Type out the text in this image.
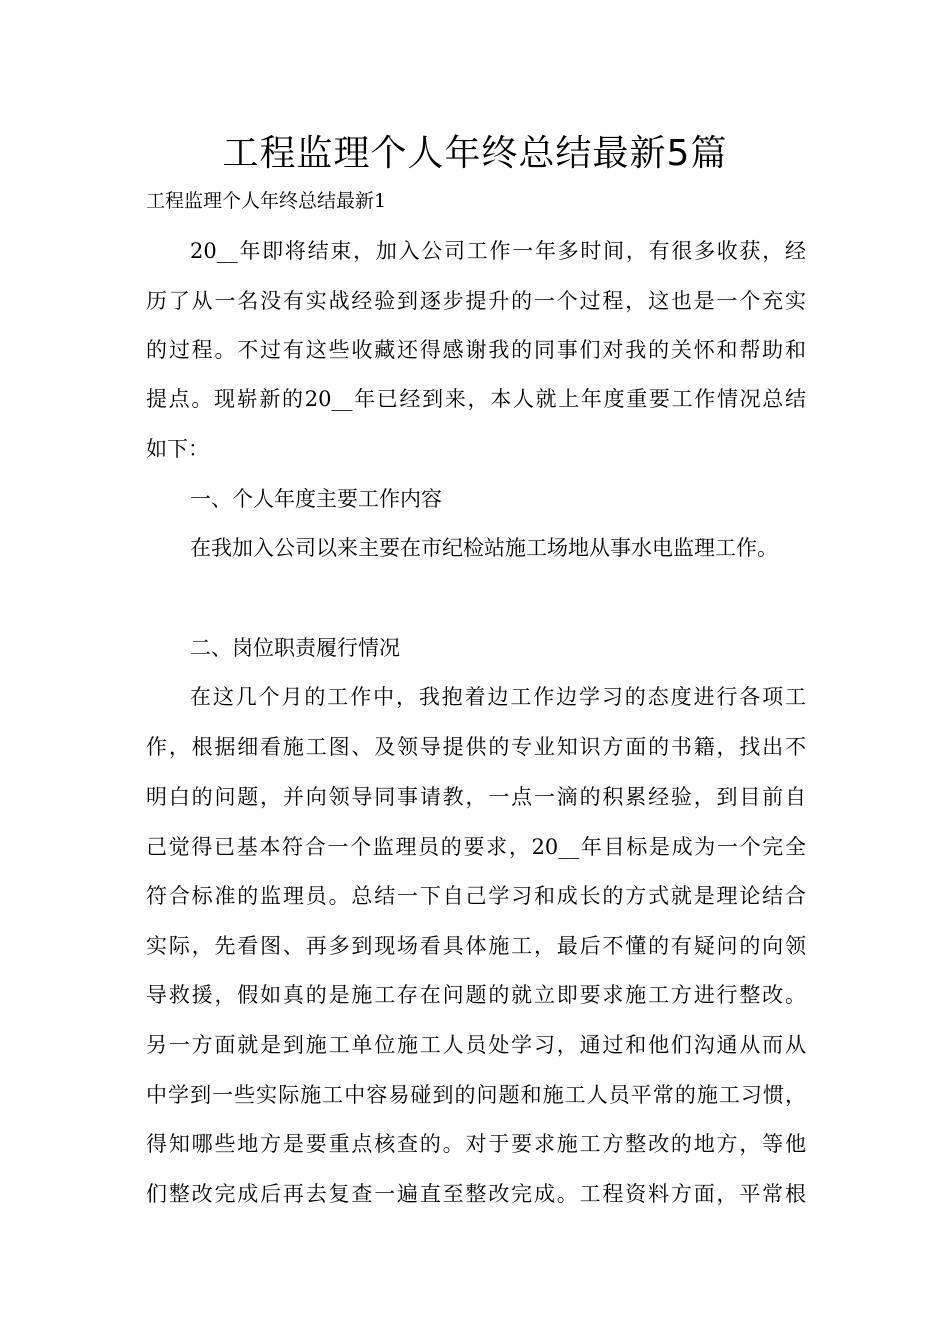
工程监理个人年终总结最新5篇
工程监理个人年终总结最新1
20__年即将结束，加入公司工作一年多时间，有很多收获，经
历了从一名没有实战经验到逐步提升的一个过程，这也是一个充实
的过程。不过有这些收藏还得感谢我的同事们对我的关怀和帮助和
提点。现崭新的20__年已经到来，本人就上年度重要工作情况总结
如下：
一、个人年度主要工作内容
在我加入公司以来主要在市纪检站施工场地从事水电监理工作。
二、岗位职责履行情况
在这几个月的工作中，我抱着边工作边学习的态度进行各项工
作，根据细看施工图、及领导提供的专业知识方面的书籍，找出不
明白的问题，并向领导同事请教，一点一滴的积累经验，到目前自
己觉得已基本符合一个监理员的要求，20__年目标是成为一个完全
符合标准的监理员。总结一下自己学习和成长的方式就是理论结合
实际，先看图、再多到现场看具体施工，最后不懂的有疑问的向领
导救援，假如真的是施工存在问题的就立即要求施工方进行整改。
另一方面就是到施工单位施工人员处学习，通过和他们沟通从而从
中学到一些实际施工中容易碰到的问题和施工人员平常的施工习惯，
得知哪些地方是要重点核查的。对于要求施工方整改的地方，等他
们整改完成后再去复查一遍直至整改完成。工程资料方面，平常根
